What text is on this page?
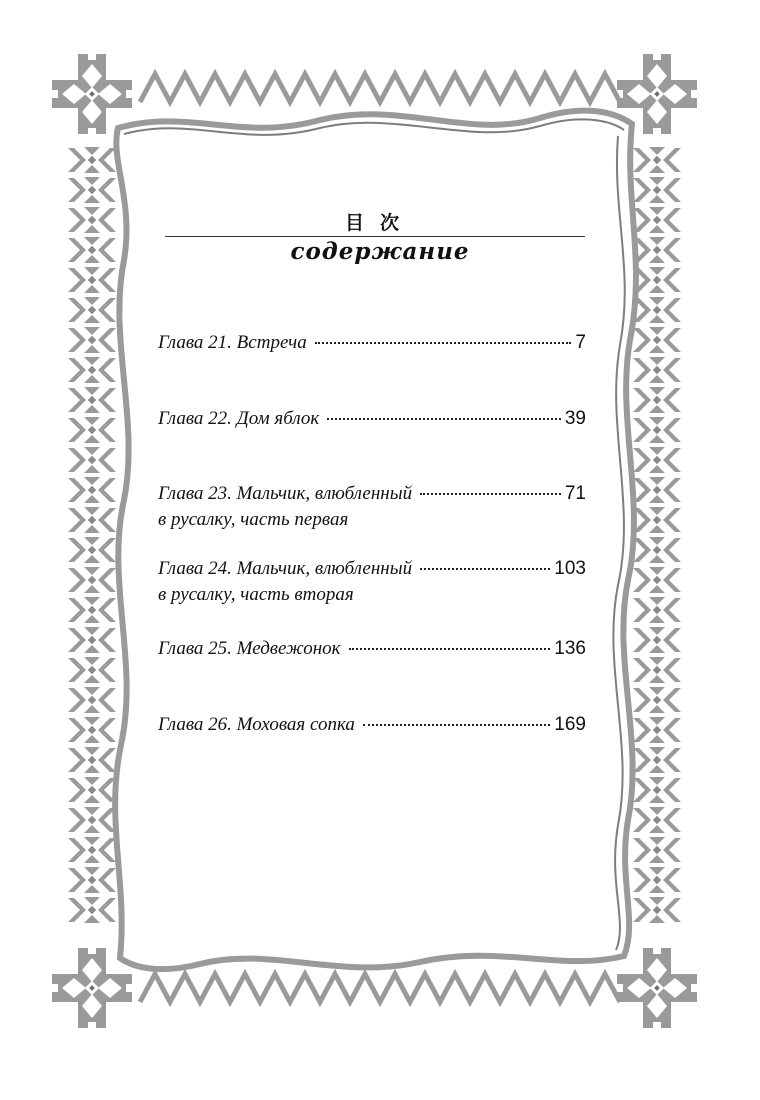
目次
содержание
Глава 21. Встреча	7
Глава 22. Дом яблок	39
Глава 23. Мальчик, влюбленный	71
в русалку, часть первая
Глава 24. Мальчик, влюбленный	103
в русалку, часть вторая
Глава 25. Медвежонок	136
Глава 26. Моховая сопка	169
